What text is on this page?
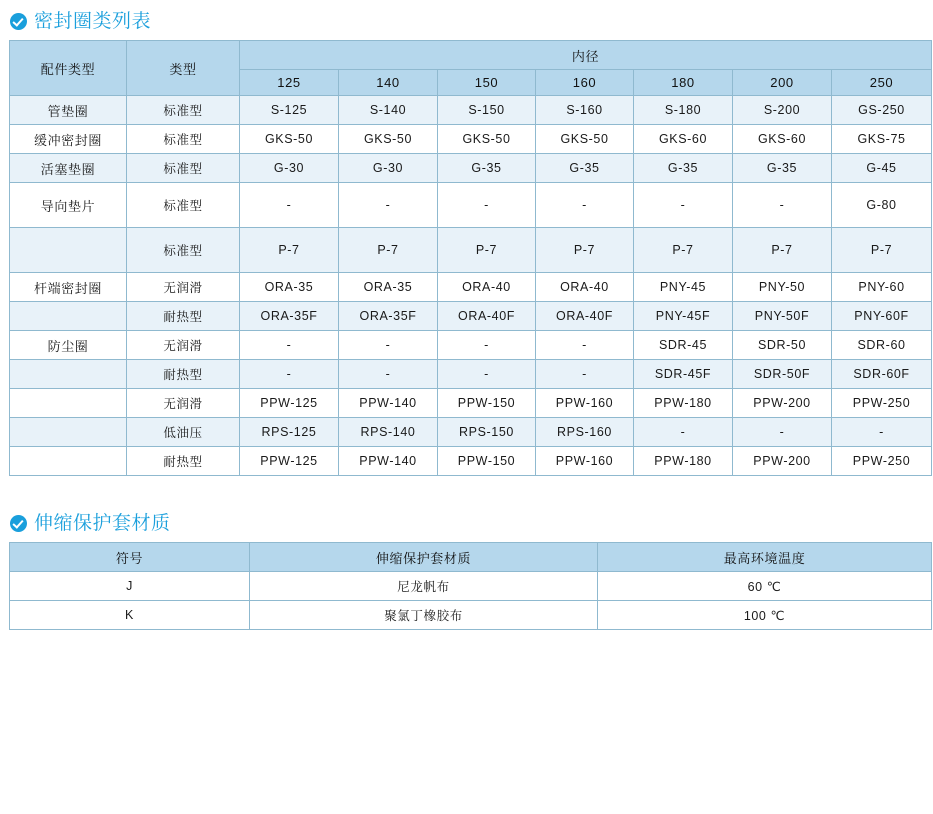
密封圈类列表
配件类型	类型	内径						
		125	140	150	160	180	200	250
管垫圈	标准型	S-125	S-140	S-150	S-160	S-180	S-200	GS-250
缓冲密封圈	标准型	GKS-50	GKS-50	GKS-50	GKS-50	GKS-60	GKS-60	GKS-75
活塞垫圈	标准型	G-30	G-30	G-35	G-35	G-35	G-35	G-45
导向垫片	标准型	-	-	-	-	-	-	G-80
	标准型	P-7	P-7	P-7	P-7	P-7	P-7	P-7
杆端密封圈	无润滑	ORA-35	ORA-35	ORA-40	ORA-40	PNY-45	PNY-50	PNY-60
	耐热型	ORA-35F	ORA-35F	ORA-40F	ORA-40F	PNY-45F	PNY-50F	PNY-60F
防尘圈	无润滑	-	-	-	-	SDR-45	SDR-50	SDR-60
	耐热型	-	-	-	-	SDR-45F	SDR-50F	SDR-60F
	无润滑	PPW-125	PPW-140	PPW-150	PPW-160	PPW-180	PPW-200	PPW-250
	低油压	RPS-125	RPS-140	RPS-150	RPS-160	-	-	-
	耐热型	PPW-125	PPW-140	PPW-150	PPW-160	PPW-180	PPW-200	PPW-250
伸缩保护套材质
符号	伸缩保护套材质	最高环境温度
J	尼龙帆布	60 ℃
K	聚氯丁橡胶布	100 ℃
